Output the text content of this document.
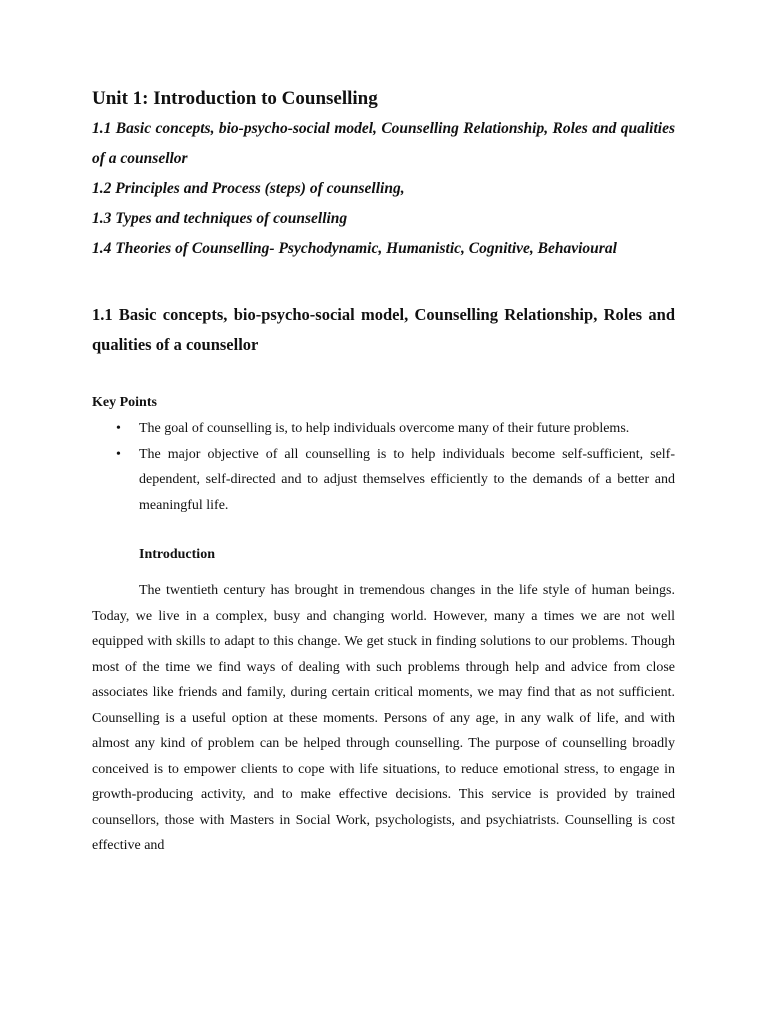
Unit 1: Introduction to Counselling

1.1 Basic concepts, bio-psycho-social model, Counselling Relationship, Roles and qualities of a counsellor

1.2 Principles and Process (steps) of counselling,

1.3 Types and techniques of counselling

1.4 Theories of Counselling- Psychodynamic, Humanistic, Cognitive, Behavioural

1.1 Basic concepts, bio-psycho-social model, Counselling Relationship, Roles and qualities of a counsellor
Key Points
• The goal of counselling is, to help individuals overcome many of their future problems.
• The major objective of all counselling is to help individuals become self-sufficient, self-dependent, self-directed and to adjust themselves efficiently to the demands of a better and meaningful life.
Introduction

The twentieth century has brought in tremendous changes in the life style of human beings. Today, we live in a complex, busy and changing world. However, many a times we are not well equipped with skills to adapt to this change. We get stuck in finding solutions to our problems. Though most of the time we find ways of dealing with such problems through help and advice from close associates like friends and family, during certain critical moments, we may find that as not sufficient. Counselling is a useful option at these moments. Persons of any age, in any walk of life, and with almost any kind of problem can be helped through counselling. The purpose of counselling broadly conceived is to empower clients to cope with life situations, to reduce emotional stress, to engage in growth-producing activity, and to make effective decisions. This service is provided by trained counsellors, those with Masters in Social Work, psychologists, and psychiatrists. Counselling is cost effective and
